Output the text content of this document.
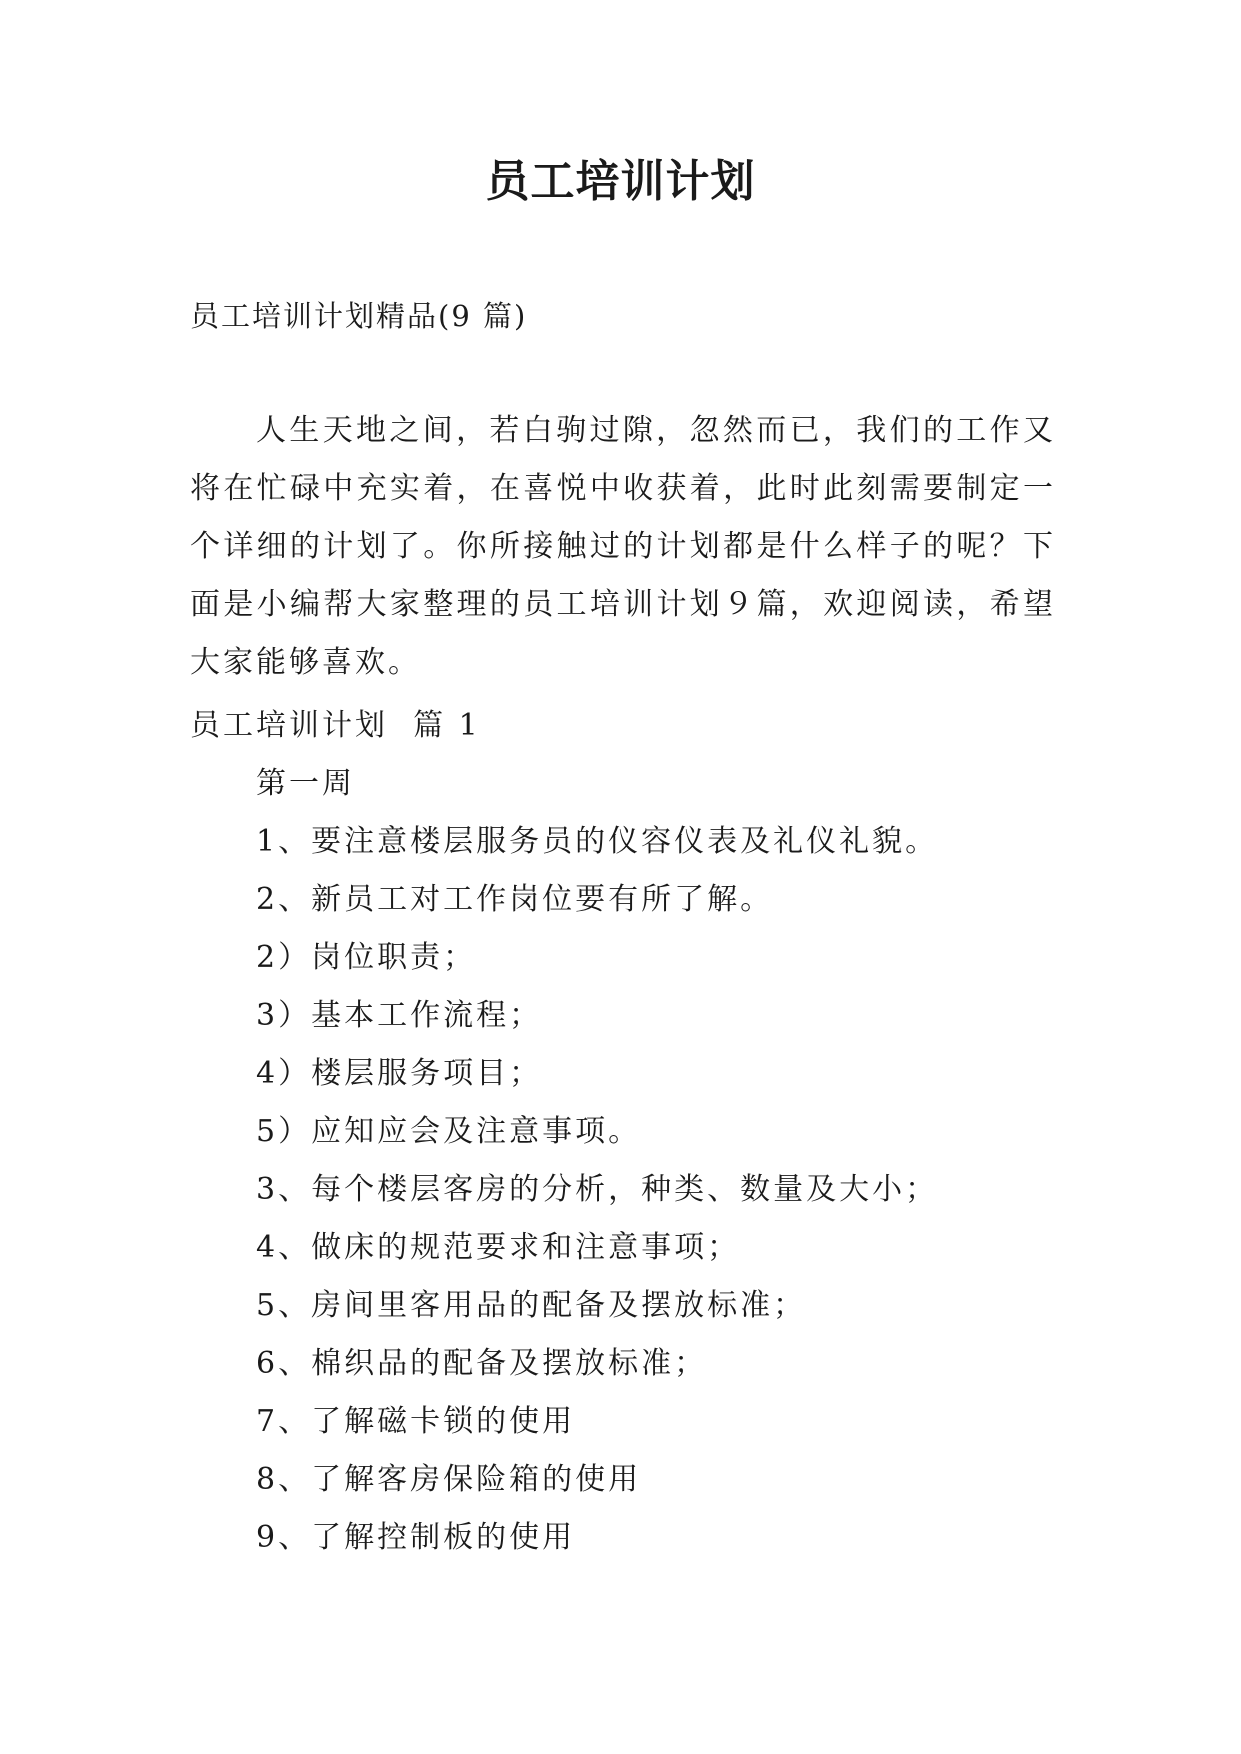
员工培训计划

员工培训计划精品(9 篇)

人生天地之间，若白驹过隙，忽然而已，我们的工作又将在忙碌中充实着，在喜悦中收获着，此时此刻需要制定一个详细的计划了。你所接触过的计划都是什么样子的呢？下面是小编帮大家整理的员工培训计划９篇，欢迎阅读，希望大家能够喜欢。

员工培训计划  篇 1

第一周
1、要注意楼层服务员的仪容仪表及礼仪礼貌。
2、新员工对工作岗位要有所了解。
2）岗位职责；
3）基本工作流程；
4）楼层服务项目；
5）应知应会及注意事项。
3、每个楼层客房的分析，种类、数量及大小；
4、做床的规范要求和注意事项；
5、房间里客用品的配备及摆放标准；
6、棉织品的配备及摆放标准；
7、了解磁卡锁的使用
8、了解客房保险箱的使用
9、了解控制板的使用
